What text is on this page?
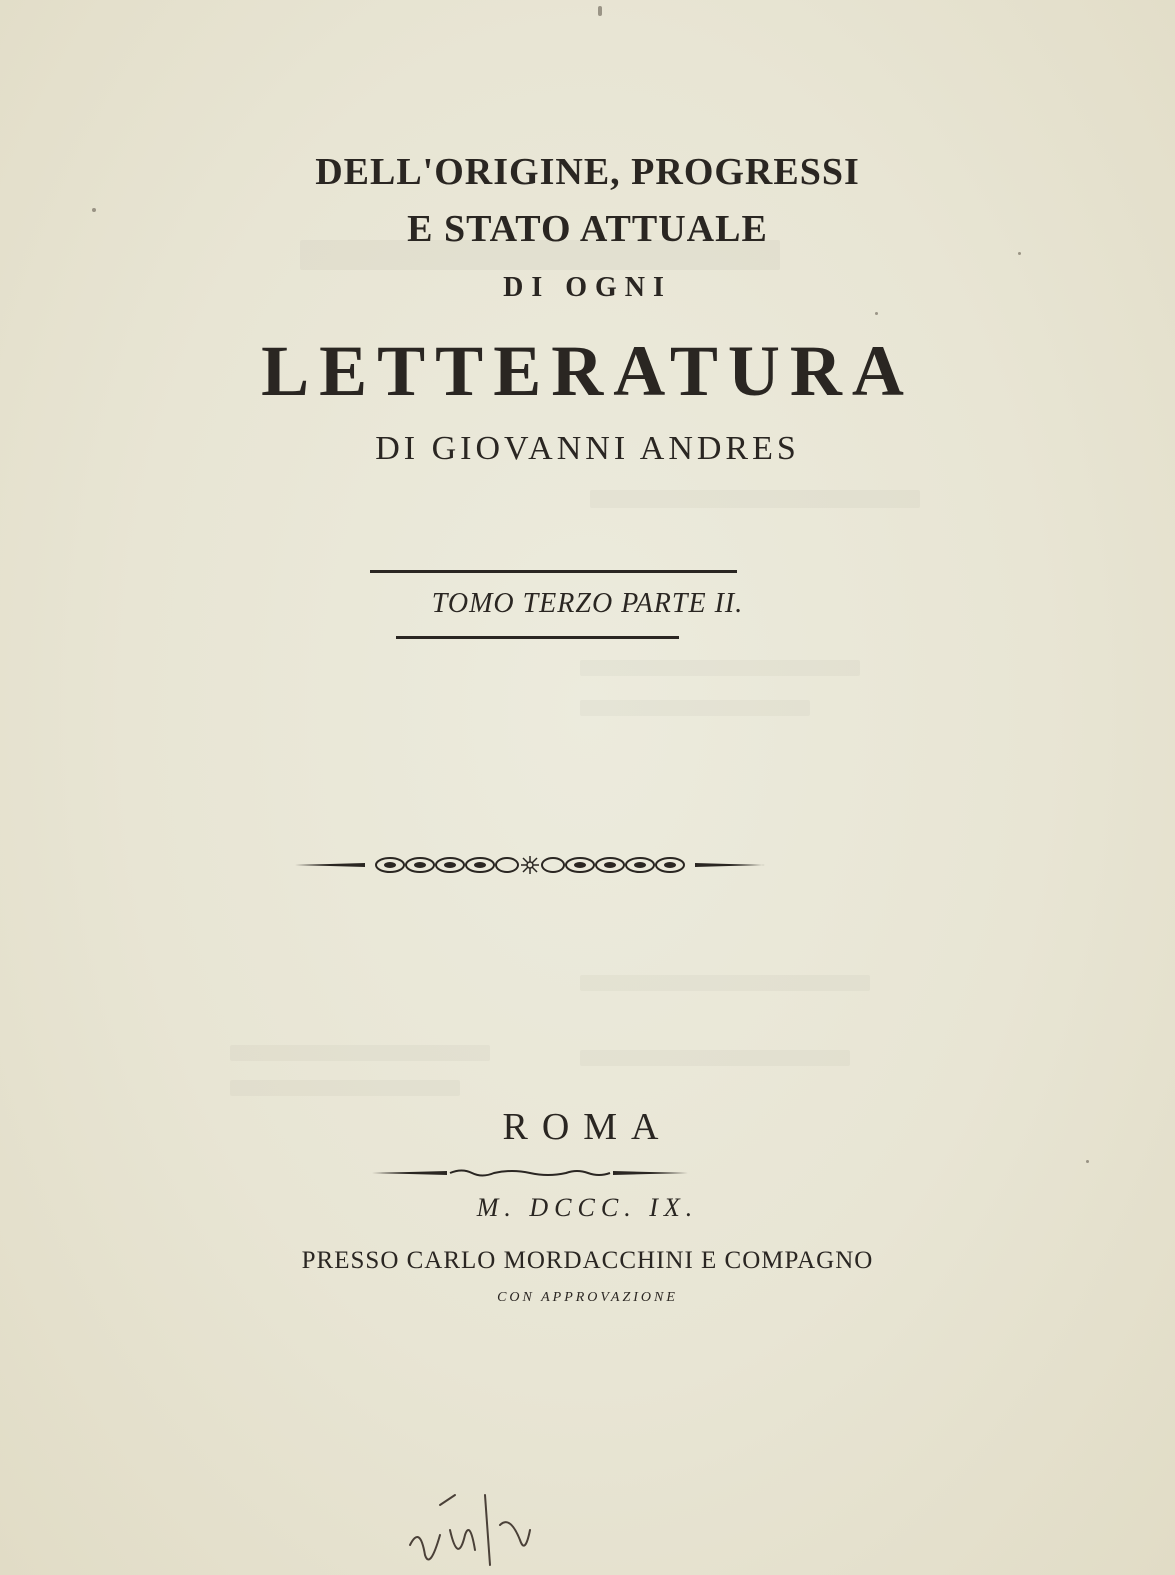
DELL'ORIGINE, PROGRESSI
E STATO ATTUALE
DI OGNI
LETTERATURA
DI GIOVANNI ANDRES
TOMO TERZO PARTE II.
ROMA
M. DCCC. IX.
PRESSO CARLO MORDACCHINI E COMPAGNO
CON APPROVAZIONE
